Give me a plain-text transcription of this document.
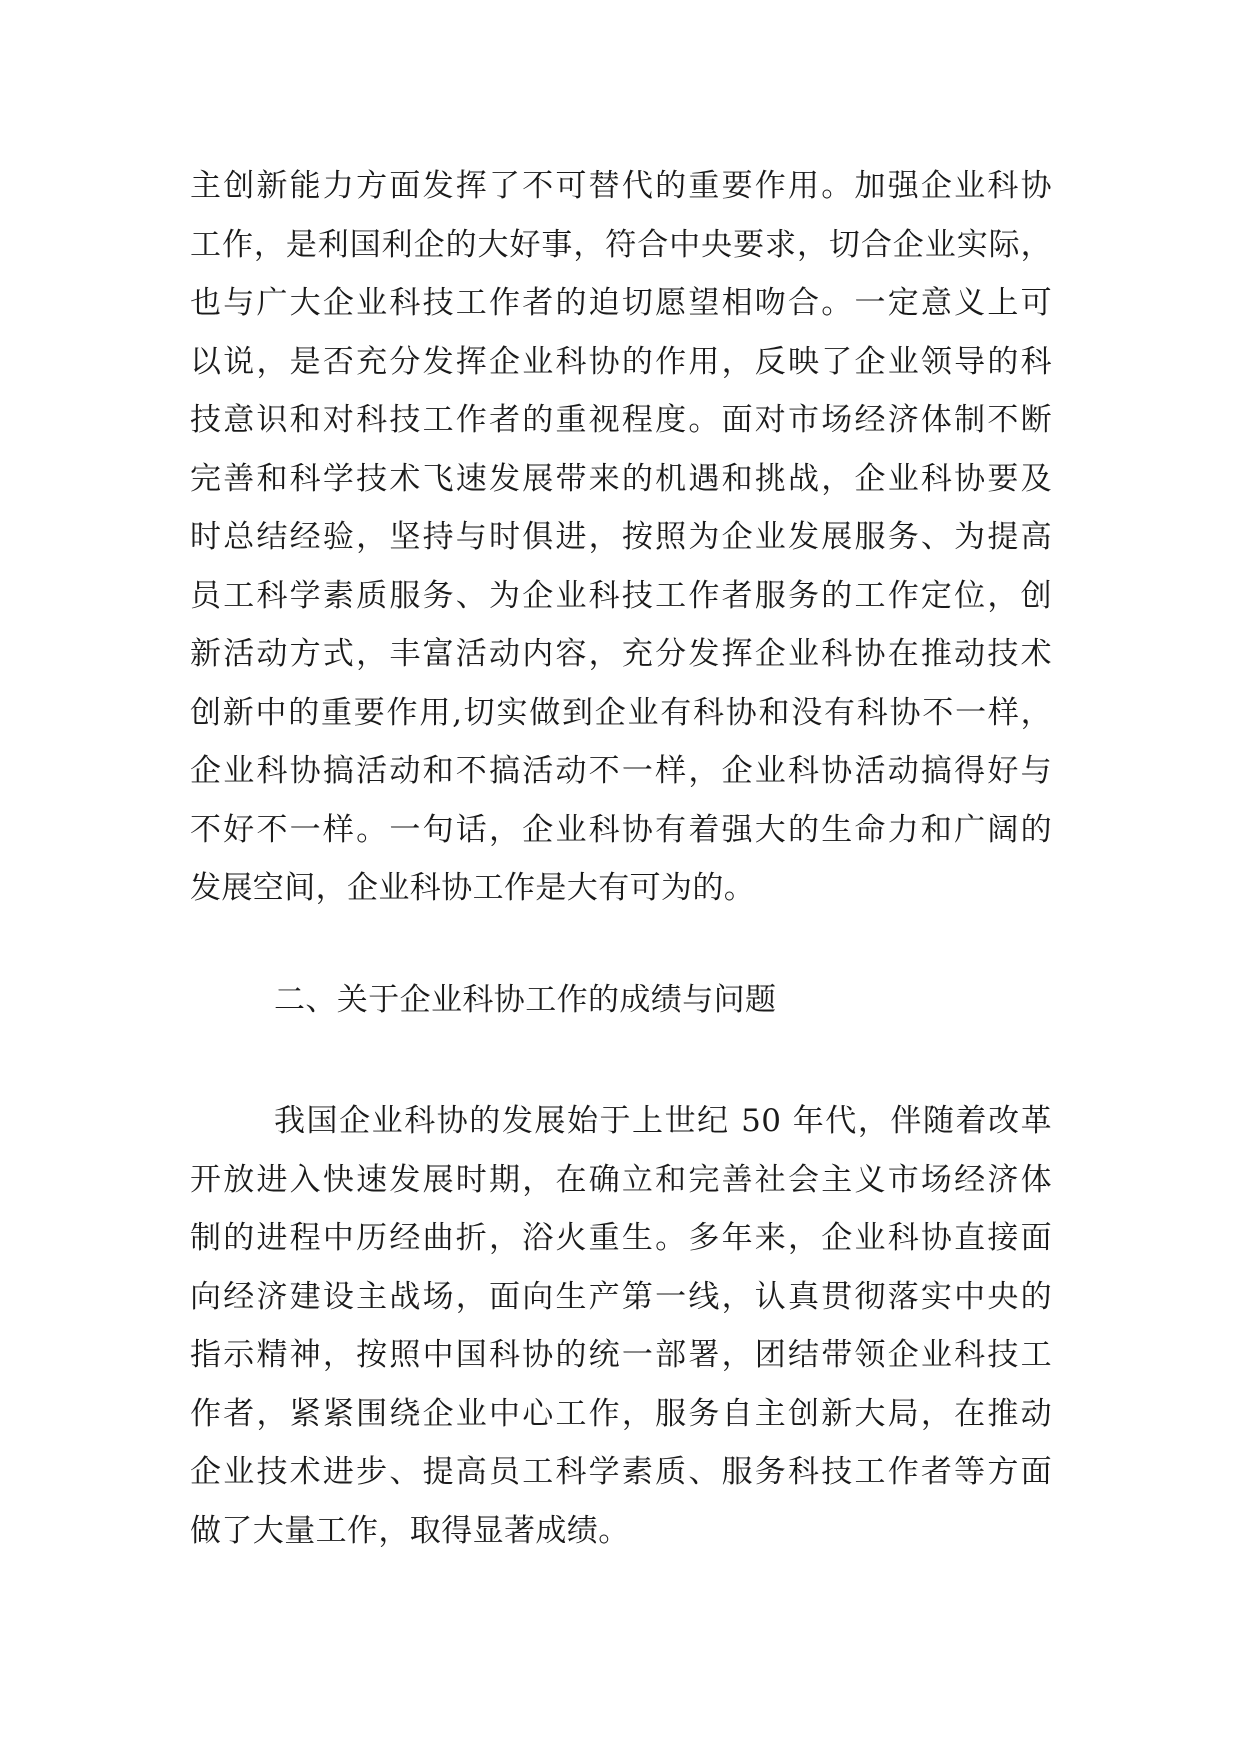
主创新能力方面发挥了不可替代的重要作用。加强企业科协
工作，是利国利企的大好事，符合中央要求，切合企业实际，
也与广大企业科技工作者的迫切愿望相吻合。一定意义上可
以说，是否充分发挥企业科协的作用，反映了企业领导的科
技意识和对科技工作者的重视程度。面对市场经济体制不断
完善和科学技术飞速发展带来的机遇和挑战，企业科协要及
时总结经验，坚持与时俱进，按照为企业发展服务、为提高
员工科学素质服务、为企业科技工作者服务的工作定位，创
新活动方式，丰富活动内容，充分发挥企业科协在推动技术
创新中的重要作用,切实做到企业有科协和没有科协不一样，
企业科协搞活动和不搞活动不一样，企业科协活动搞得好与
不好不一样。一句话，企业科协有着强大的生命力和广阔的
发展空间，企业科协工作是大有可为的。
二、关于企业科协工作的成绩与问题
我国企业科协的发展始于上世纪 50 年代，伴随着改革
开放进入快速发展时期，在确立和完善社会主义市场经济体
制的进程中历经曲折，浴火重生。多年来，企业科协直接面
向经济建设主战场，面向生产第一线，认真贯彻落实中央的
指示精神，按照中国科协的统一部署，团结带领企业科技工
作者，紧紧围绕企业中心工作，服务自主创新大局，在推动
企业技术进步、提高员工科学素质、服务科技工作者等方面
做了大量工作，取得显著成绩。
